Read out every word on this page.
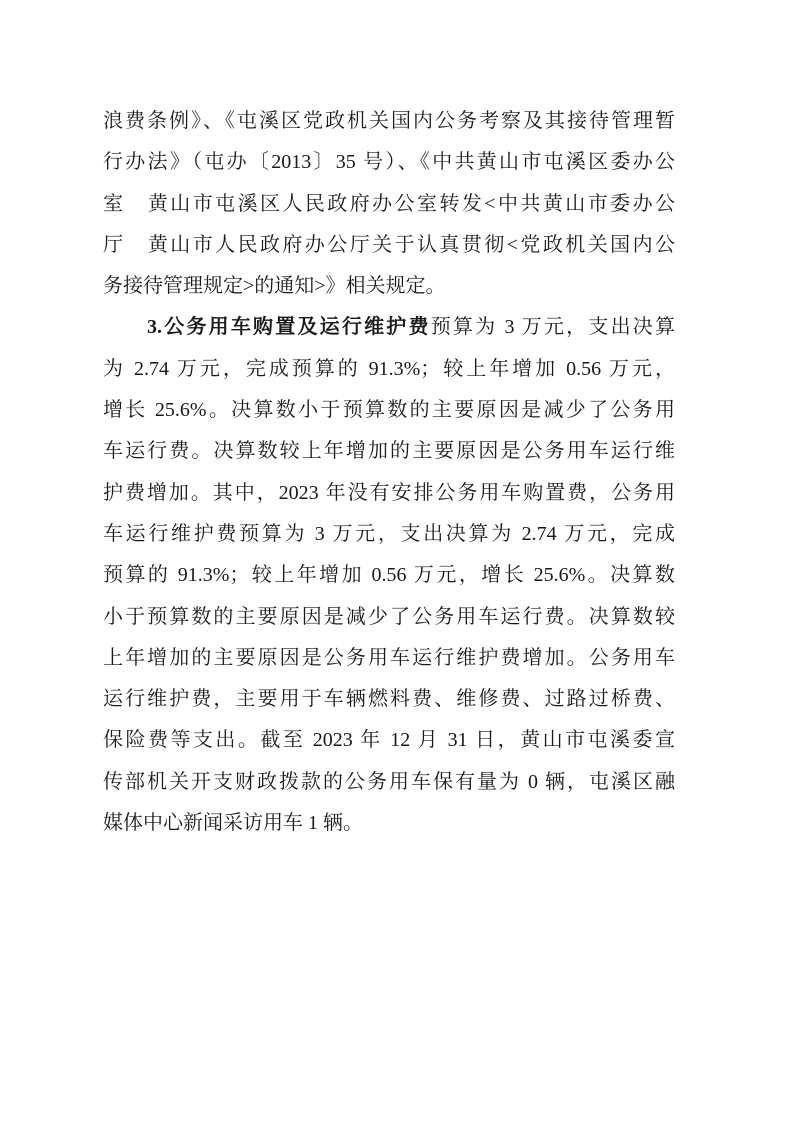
浪费条例》、《屯溪区党政机关国内公务考察及其接待管理暂
行办法》（屯办〔2013〕35 号）、《中共黄山市屯溪区委办公
室　黄山市屯溪区人民政府办公室转发<中共黄山市委办公
厅　黄山市人民政府办公厅关于认真贯彻<党政机关国内公
务接待管理规定>的通知>》相关规定。
3.公务用车购置及运行维护费预算为 3 万元，支出决算
为 2.74 万元，完成预算的 91.3%；较上年增加 0.56 万元，
增长 25.6%。决算数小于预算数的主要原因是减少了公务用
车运行费。决算数较上年增加的主要原因是公务用车运行维
护费增加。其中，2023 年没有安排公务用车购置费，公务用
车运行维护费预算为 3 万元，支出决算为 2.74 万元，完成
预算的 91.3%；较上年增加 0.56 万元，增长 25.6%。决算数
小于预算数的主要原因是减少了公务用车运行费。决算数较
上年增加的主要原因是公务用车运行维护费增加。公务用车
运行维护费，主要用于车辆燃料费、维修费、过路过桥费、
保险费等支出。截至 2023 年 12 月 31 日，黄山市屯溪委宣
传部机关开支财政拨款的公务用车保有量为 0 辆，屯溪区融
媒体中心新闻采访用车 1 辆。
